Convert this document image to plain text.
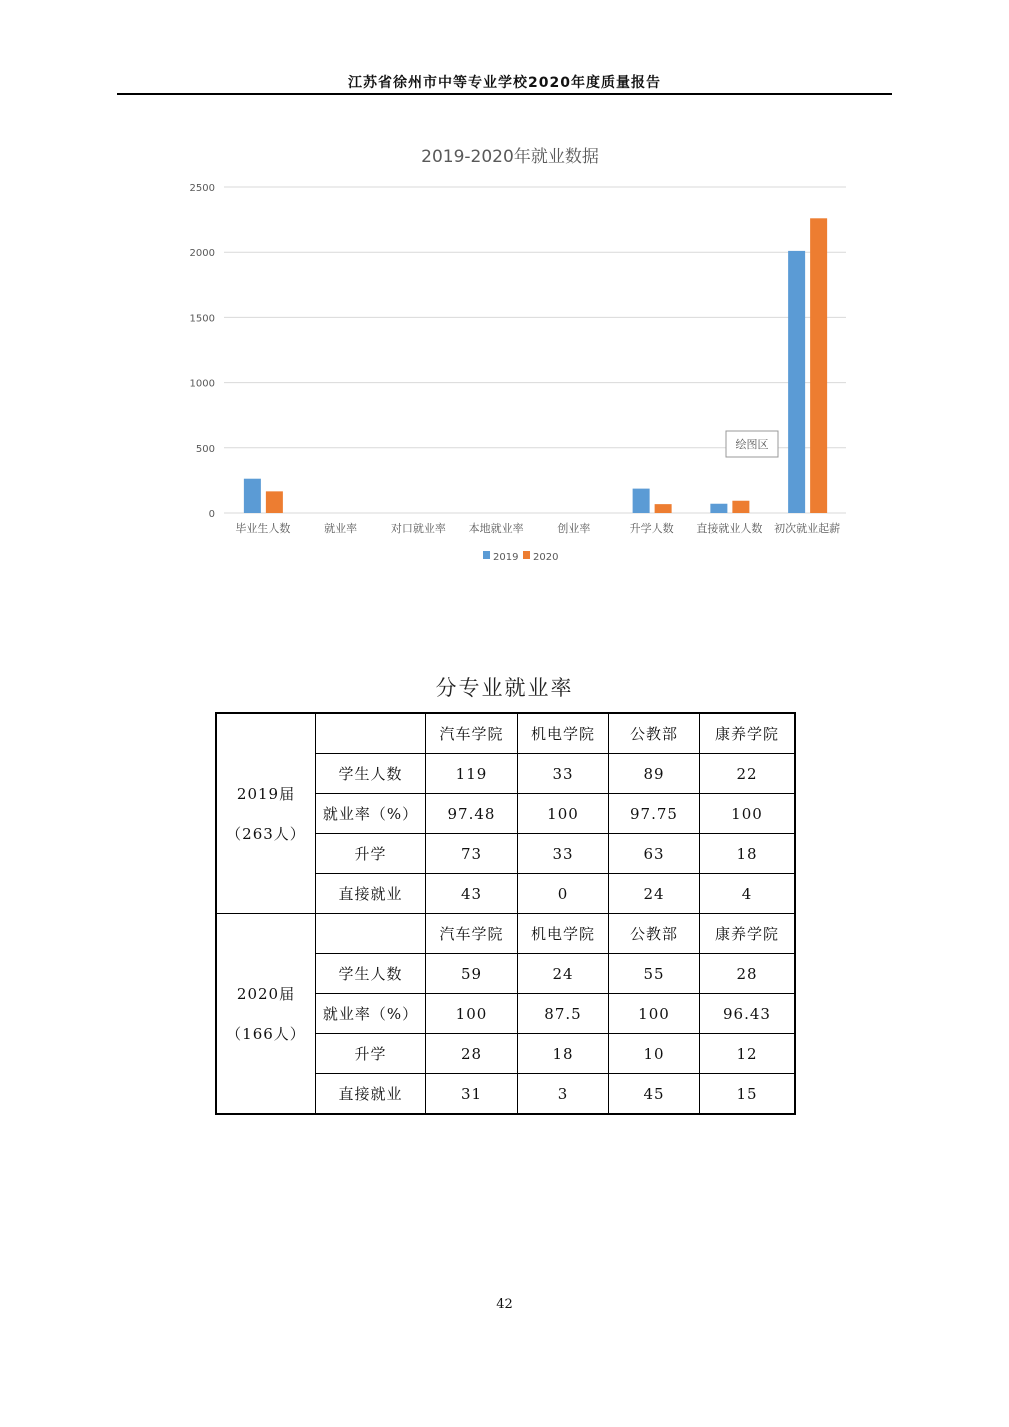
江苏省徐州市中等专业学校2020年度质量报告
2019-2020年就业数据
0
500
1000
1500
2000
2500
毕业生人数	就业率	对口就业率 本地就业率	创业率	升学人数 直接就业人数 初次就业起薪
绘图区
2019 2020
分专业就业率
2019届
（263人）		汽车学院	机电学院	公教部	康养学院
	学生人数	119	33	89	22
	就业率（%）	97.48	100	97.75	100
	升学	73	33	63	18
	直接就业	43	0	24	4
2020届
（166人）		汽车学院	机电学院	公教部	康养学院
	学生人数	59	24	55	28
	就业率（%）	100	87.5	100	96.43
	升学	28	18	10	12
	直接就业	31	3	45	15
42
